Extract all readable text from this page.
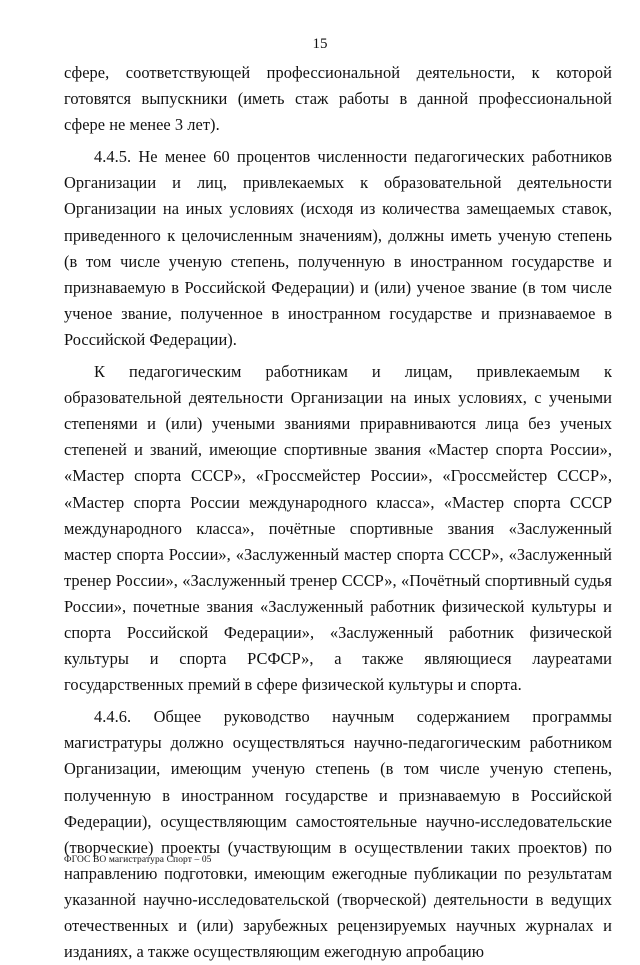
15

сфере, соответствующей профессиональной деятельности, к которой готовятся выпускники (иметь стаж работы в данной профессиональной сфере не менее 3 лет).

4.4.5. Не менее 60 процентов численности педагогических работников Организации и лиц, привлекаемых к образовательной деятельности Организации на иных условиях (исходя из количества замещаемых ставок, приведенного к целочисленным значениям), должны иметь ученую степень (в том числе ученую степень, полученную в иностранном государстве и признаваемую в Российской Федерации) и (или) ученое звание (в том числе ученое звание, полученное в иностранном государстве и признаваемое в Российской Федерации).

К педагогическим работникам и лицам, привлекаемым к образовательной деятельности Организации на иных условиях, с учеными степенями и (или) учеными званиями приравниваются лица без ученых степеней и званий, имеющие спортивные звания «Мастер спорта России», «Мастер спорта СССР», «Гроссмейстер России», «Гроссмейстер СССР», «Мастер спорта России международного класса», «Мастер спорта СССР международного класса», почётные спортивные звания «Заслуженный мастер спорта России», «Заслуженный мастер спорта СССР», «Заслуженный тренер России», «Заслуженный тренер СССР», «Почётный спортивный судья России», почетные звания «Заслуженный работник физической культуры и спорта Российской Федерации», «Заслуженный работник физической культуры и спорта РСФСР», а также являющиеся лауреатами государственных премий в сфере физической культуры и спорта.

4.4.6. Общее руководство научным содержанием программы магистратуры должно осуществляться научно-педагогическим работником Организации, имеющим ученую степень (в том числе ученую степень, полученную в иностранном государстве и признаваемую в Российской Федерации), осуществляющим самостоятельные научно-исследовательские (творческие) проекты (участвующим в осуществлении таких проектов) по направлению подготовки, имеющим ежегодные публикации по результатам указанной научно-исследовательской (творческой) деятельности в ведущих отечественных и (или) зарубежных рецензируемых научных журналах и изданиях, а также осуществляющим ежегодную апробацию

ФГОС ВО магистратура Спорт – 05
